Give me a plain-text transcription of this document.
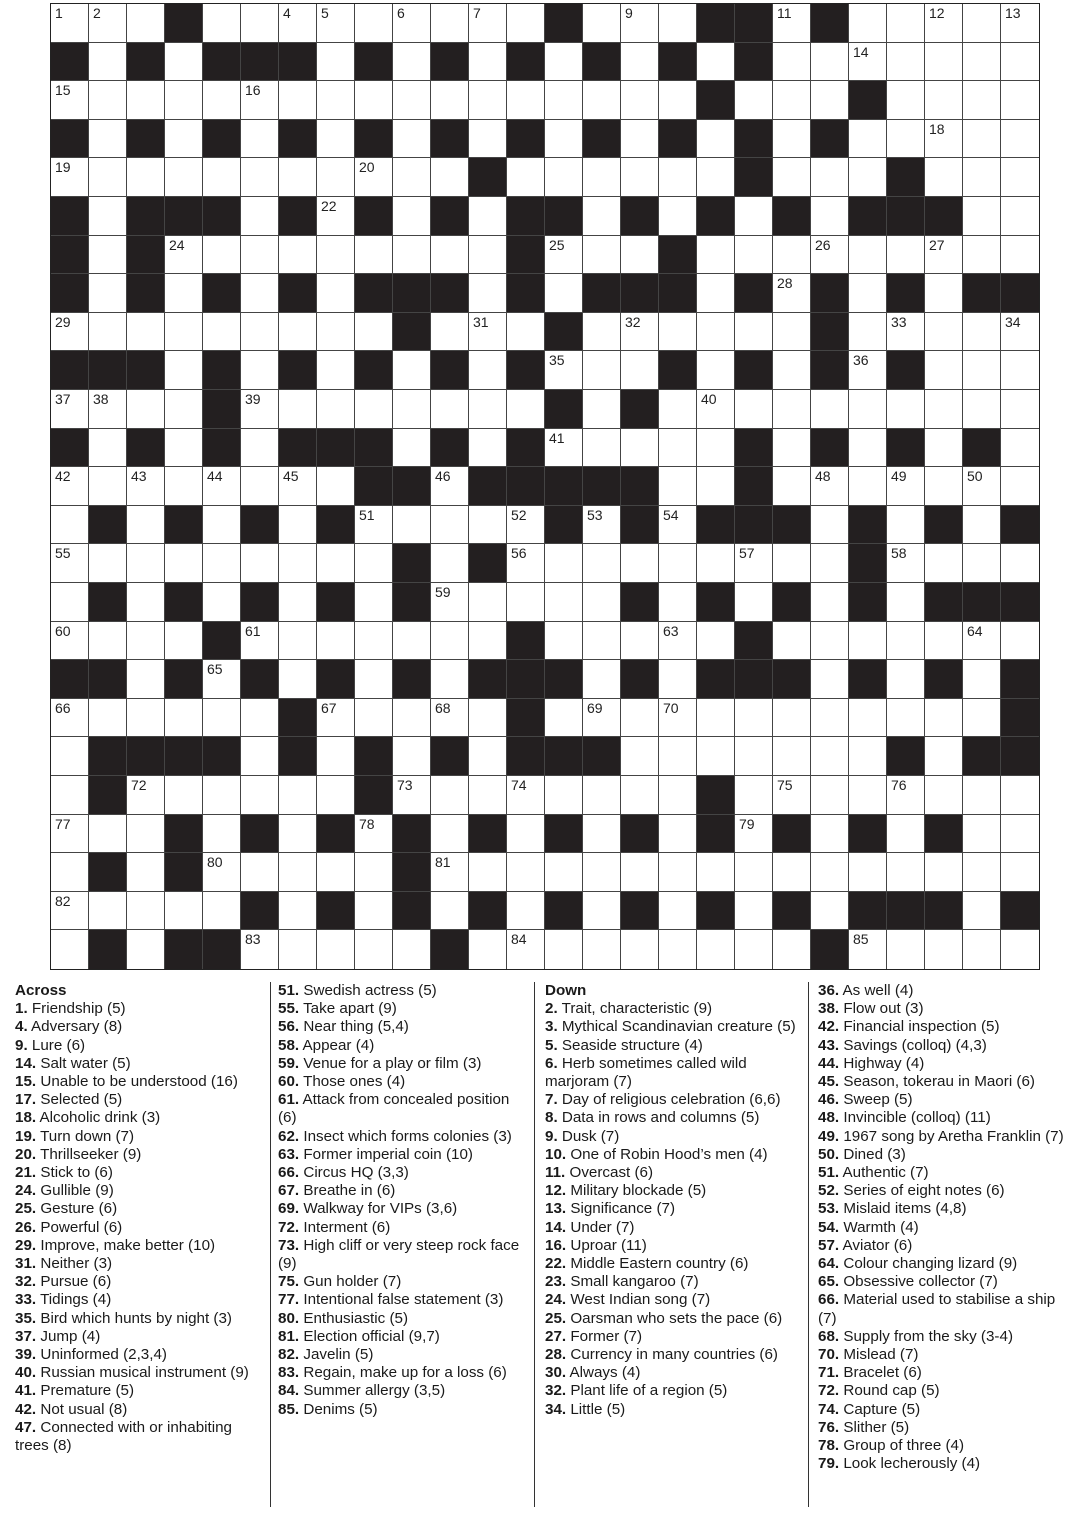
1 2	4 5	6	7	9	11	12	13
14
15	16
18
19	20
22
24	25	26	27
28
29	31	32	33	34
35	36
37 38	39	40
41
42	43	44	45	46	48	49	50
51	52	53	54
55	56	57	58
59
60	61	63	64
65
66	67	68	69	70
72	73	74	75	76
77	78	79
80	81
82
83	84	85
Across
1. Friendship (5)
4. Adversary (8)
9. Lure (6)
14. Salt water (5)
15. Unable to be understood (16)
17. Selected (5)
18. Alcoholic drink (3)
19. Turn down (7)
20. Thrillseeker (9)
21. Stick to (6)
24. Gullible (9)
25. Gesture (6)
26. Powerful (6)
29. Improve, make better (10)
31. Neither (3)
32. Pursue (6)
33. Tidings (4)
35. Bird which hunts by night (3)
37. Jump (4)
39. Uninformed (2,3,4)
40. Russian musical instrument (9)
41. Premature (5)
42. Not usual (8)
47. Connected with or inhabiting trees (8)
51. Swedish actress (5)
55. Take apart (9)
56. Near thing (5,4)
58. Appear (4)
59. Venue for a play or film (3)
60. Those ones (4)
61. Attack from concealed position (6)
62. Insect which forms colonies (3)
63. Former imperial coin (10)
66. Circus HQ (3,3)
67. Breathe in (6)
69. Walkway for VIPs (3,6)
72. Interment (6)
73. High cliff or very steep rock face (9)
75. Gun holder (7)
77. Intentional false statement (3)
80. Enthusiastic (5)
81. Election official (9,7)
82. Javelin (5)
83. Regain, make up for a loss (6)
84. Summer allergy (3,5)
85. Denims (5)
Down
2. Trait, characteristic (9)
3. Mythical Scandinavian creature (5)
5. Seaside structure (4)
6. Herb sometimes called wild marjoram (7)
7. Day of religious celebration (6,6)
8. Data in rows and columns (5)
9. Dusk (7)
10. One of Robin Hood’s men (4)
11. Overcast (6)
12. Military blockade (5)
13. Significance (7)
14. Under (7)
16. Uproar (11)
22. Middle Eastern country (6)
23. Small kangaroo (7)
24. West Indian song (7)
25. Oarsman who sets the pace (6)
27. Former (7)
28. Currency in many countries (6)
30. Always (4)
32. Plant life of a region (5)
34. Little (5)
36. As well (4)
38. Flow out (3)
42. Financial inspection (5)
43. Savings (colloq) (4,3)
44. Highway (4)
45. Season, tokerau in Maori (6)
46. Sweep (5)
48. Invincible (colloq) (11)
49. 1967 song by Aretha Franklin (7)
50. Dined (3)
51. Authentic (7)
52. Series of eight notes (6)
53. Mislaid items (4,8)
54. Warmth (4)
57. Aviator (6)
64. Colour changing lizard (9)
65. Obsessive collector (7)
66. Material used to stabilise a ship (7)
68. Supply from the sky (3-4)
70. Mislead (7)
71. Bracelet (6)
72. Round cap (5)
74. Capture (5)
76. Slither (5)
78. Group of three (4)
79. Look lecherously (4)
